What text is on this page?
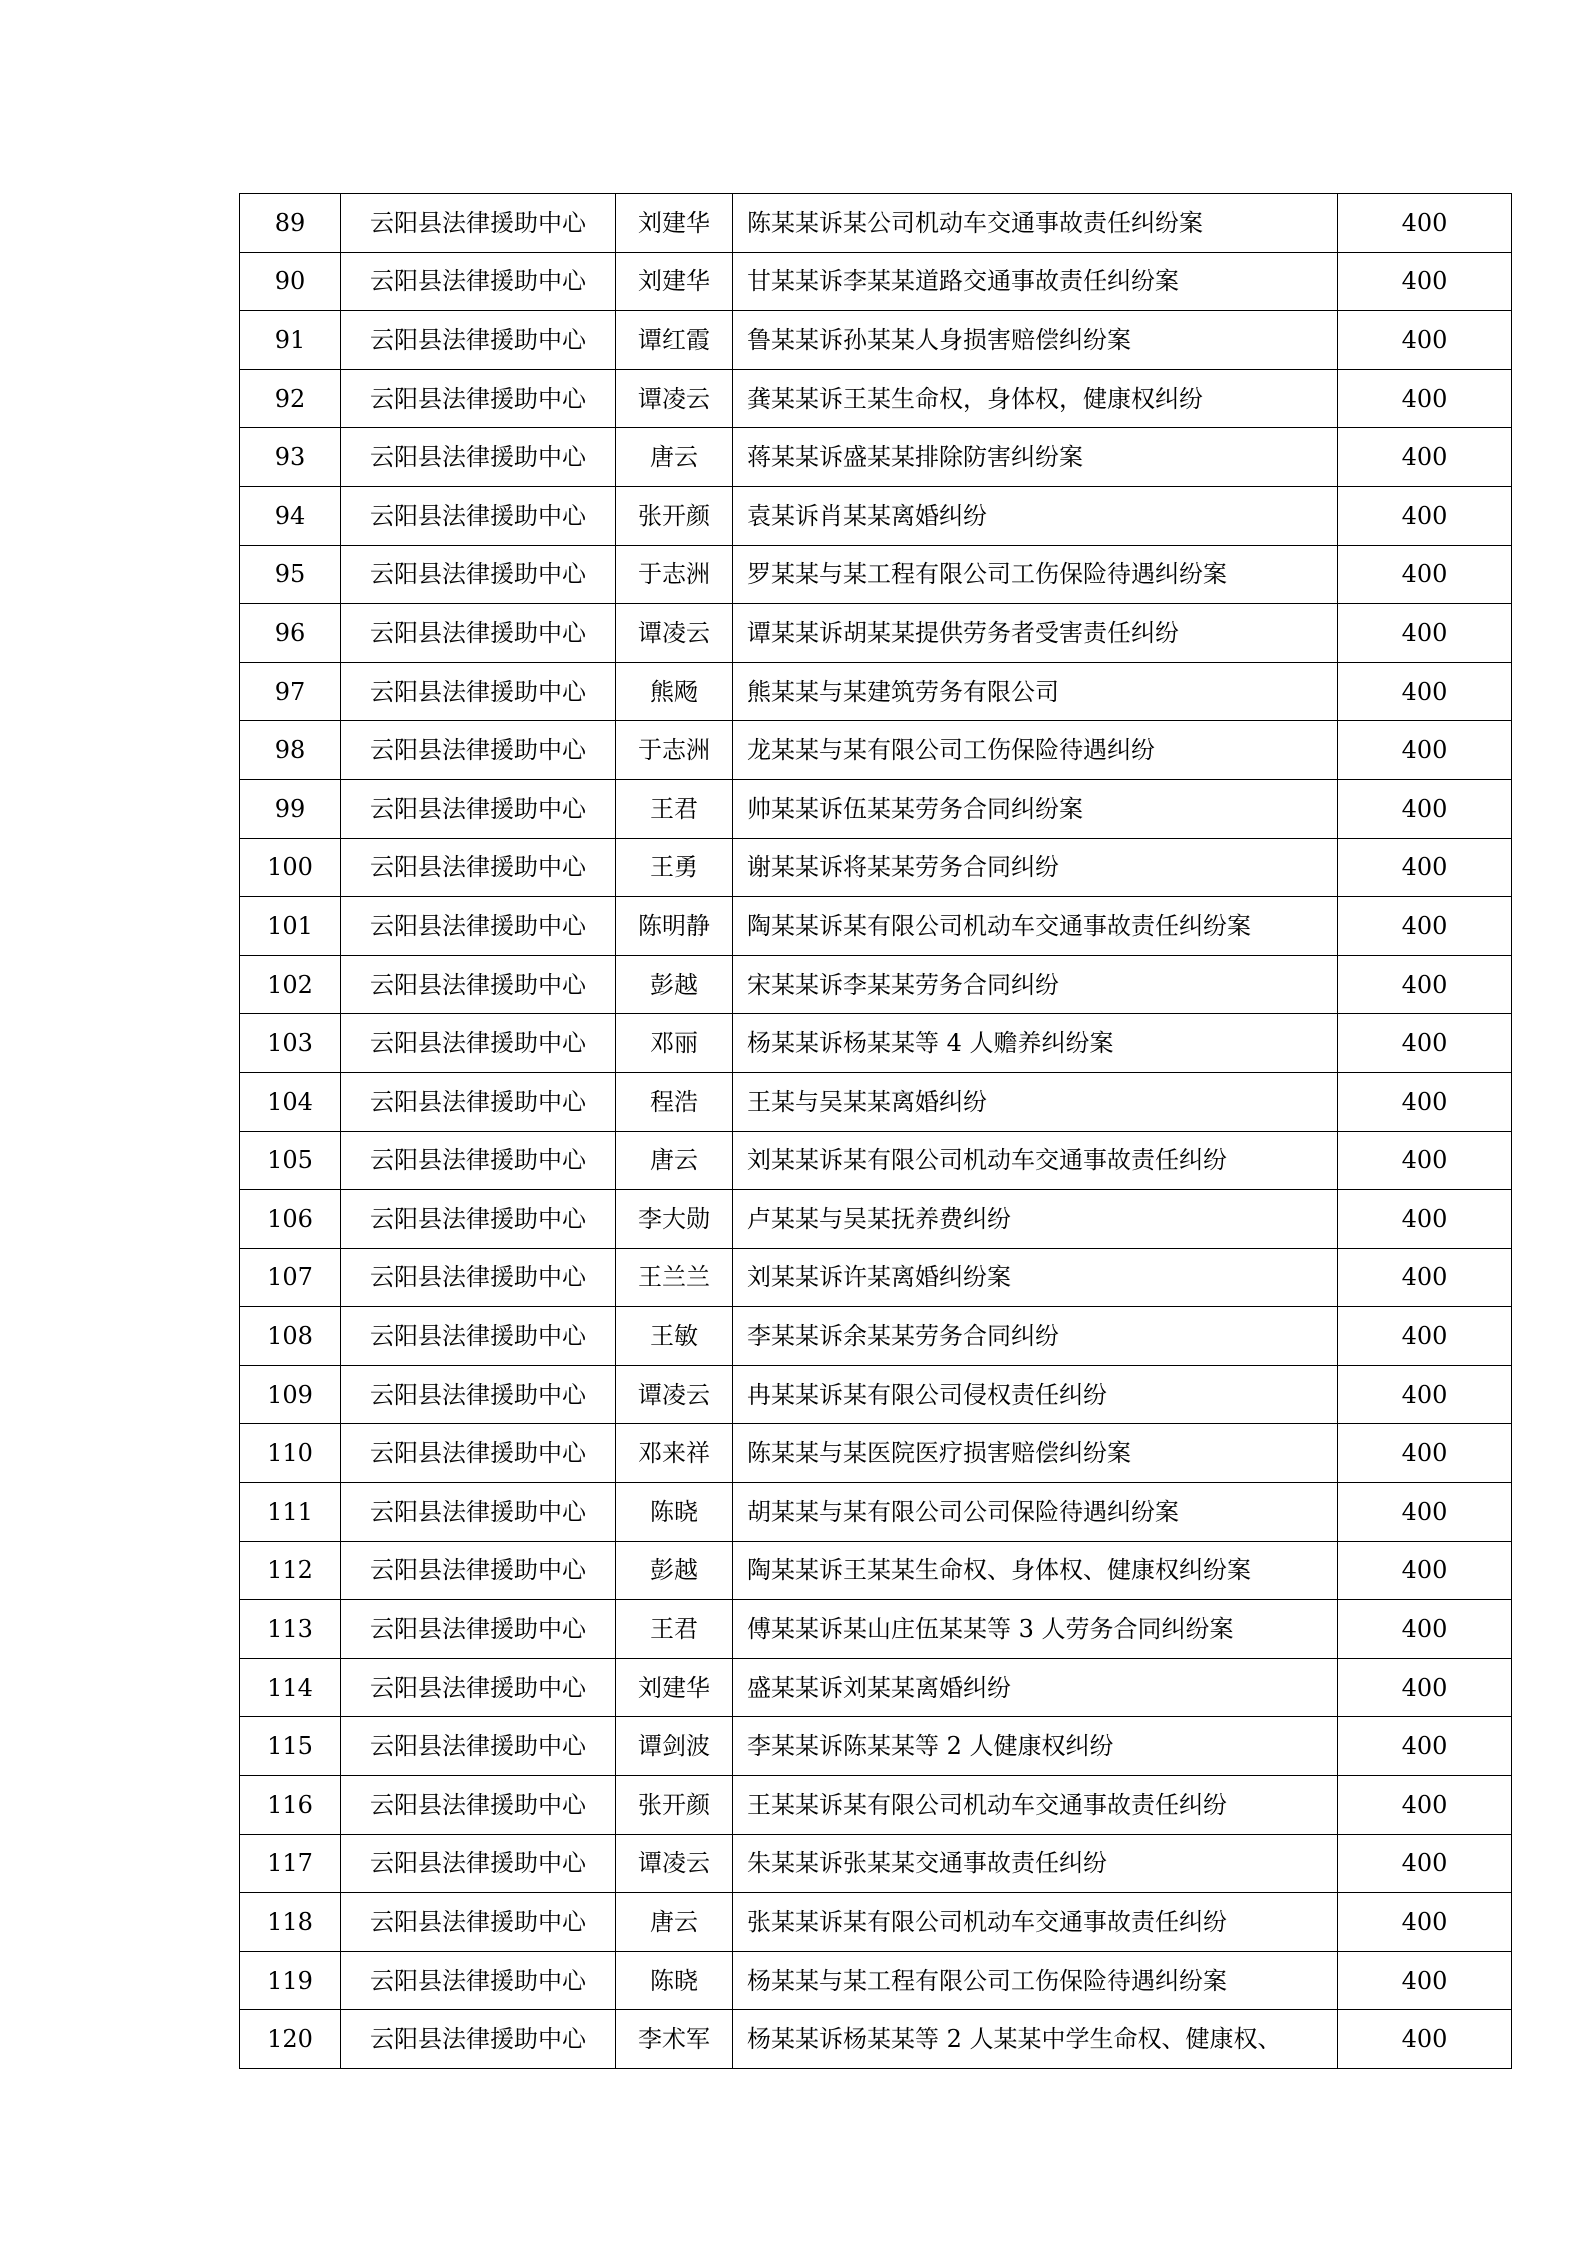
89	云阳县法律援助中心	刘建华	陈某某诉某公司机动车交通事故责任纠纷案	400
90	云阳县法律援助中心	刘建华	甘某某诉李某某道路交通事故责任纠纷案	400
91	云阳县法律援助中心	谭红霞	鲁某某诉孙某某人身损害赔偿纠纷案	400
92	云阳县法律援助中心	谭凌云	龚某某诉王某生命权，身体权，健康权纠纷	400
93	云阳县法律援助中心	唐云	蒋某某诉盛某某排除防害纠纷案	400
94	云阳县法律援助中心	张开颜	袁某诉肖某某离婚纠纷	400
95	云阳县法律援助中心	于志洲	罗某某与某工程有限公司工伤保险待遇纠纷案	400
96	云阳县法律援助中心	谭凌云	谭某某诉胡某某提供劳务者受害责任纠纷	400
97	云阳县法律援助中心	熊飏	熊某某与某建筑劳务有限公司	400
98	云阳县法律援助中心	于志洲	龙某某与某有限公司工伤保险待遇纠纷	400
99	云阳县法律援助中心	王君	帅某某诉伍某某劳务合同纠纷案	400
100	云阳县法律援助中心	王勇	谢某某诉将某某劳务合同纠纷	400
101	云阳县法律援助中心	陈明静	陶某某诉某有限公司机动车交通事故责任纠纷案	400
102	云阳县法律援助中心	彭越	宋某某诉李某某劳务合同纠纷	400
103	云阳县法律援助中心	邓丽	杨某某诉杨某某等 4 人赡养纠纷案	400
104	云阳县法律援助中心	程浩	王某与吴某某离婚纠纷	400
105	云阳县法律援助中心	唐云	刘某某诉某有限公司机动车交通事故责任纠纷	400
106	云阳县法律援助中心	李大勋	卢某某与吴某抚养费纠纷	400
107	云阳县法律援助中心	王兰兰	刘某某诉许某离婚纠纷案	400
108	云阳县法律援助中心	王敏	李某某诉余某某劳务合同纠纷	400
109	云阳县法律援助中心	谭凌云	冉某某诉某有限公司侵权责任纠纷	400
110	云阳县法律援助中心	邓来祥	陈某某与某医院医疗损害赔偿纠纷案	400
111	云阳县法律援助中心	陈晓	胡某某与某有限公司公司保险待遇纠纷案	400
112	云阳县法律援助中心	彭越	陶某某诉王某某生命权、身体权、健康权纠纷案	400
113	云阳县法律援助中心	王君	傅某某诉某山庄伍某某等 3 人劳务合同纠纷案	400
114	云阳县法律援助中心	刘建华	盛某某诉刘某某离婚纠纷	400
115	云阳县法律援助中心	谭剑波	李某某诉陈某某等 2 人健康权纠纷	400
116	云阳县法律援助中心	张开颜	王某某诉某有限公司机动车交通事故责任纠纷	400
117	云阳县法律援助中心	谭凌云	朱某某诉张某某交通事故责任纠纷	400
118	云阳县法律援助中心	唐云	张某某诉某有限公司机动车交通事故责任纠纷	400
119	云阳县法律援助中心	陈晓	杨某某与某工程有限公司工伤保险待遇纠纷案	400
120	云阳县法律援助中心	李术军	杨某某诉杨某某等 2 人某某中学生命权、健康权、	400
